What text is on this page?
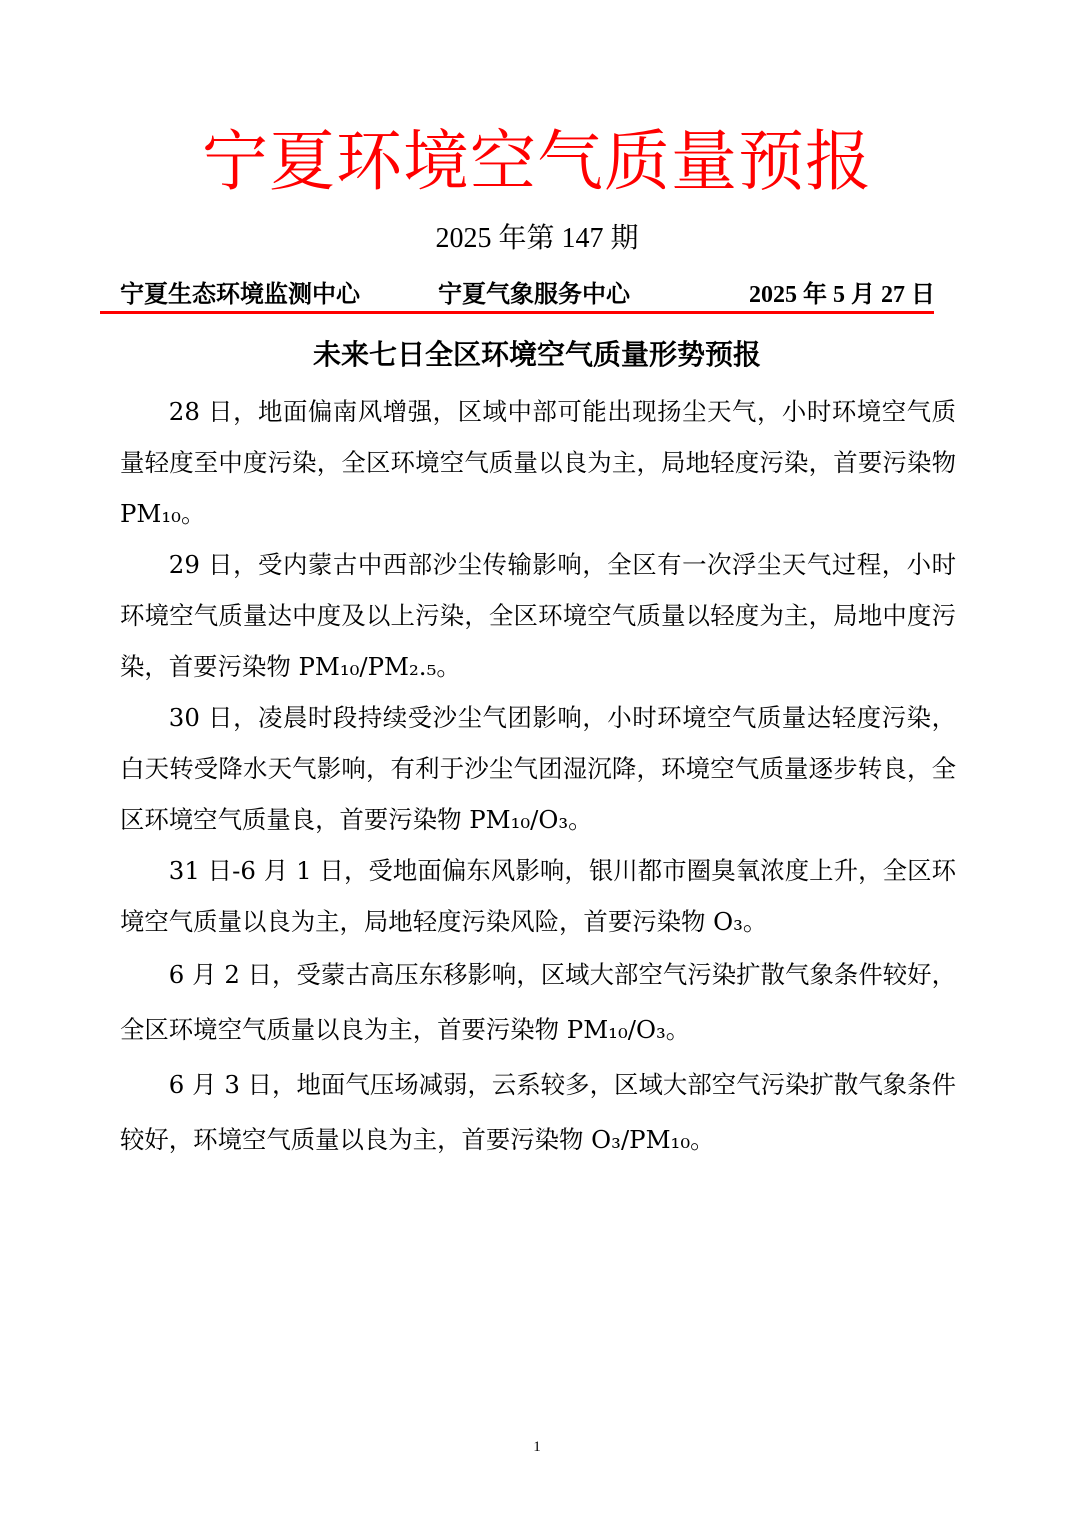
宁夏环境空气质量预报
2025 年第 147 期
宁夏生态环境监测中心	宁夏气象服务中心	2025 年 5 月 27 日
未来七日全区环境空气质量形势预报

28 日，地面偏南风增强，区域中部可能出现扬尘天气，小时环境空气质量轻度至中度污染，全区环境空气质量以良为主，局地轻度污染，首要污染物 PM₁₀。

29 日，受内蒙古中西部沙尘传输影响，全区有一次浮尘天气过程，小时环境空气质量达中度及以上污染，全区环境空气质量以轻度为主，局地中度污染，首要污染物 PM₁₀/PM₂.₅。

30 日，凌晨时段持续受沙尘气团影响，小时环境空气质量达轻度污染，白天转受降水天气影响，有利于沙尘气团湿沉降，环境空气质量逐步转良，全区环境空气质量良，首要污染物 PM₁₀/O₃。

31 日-6 月 1 日，受地面偏东风影响，银川都市圈臭氧浓度上升，全区环境空气质量以良为主，局地轻度污染风险，首要污染物 O₃。

6 月 2 日，受蒙古高压东移影响，区域大部空气污染扩散气象条件较好，全区环境空气质量以良为主，首要污染物 PM₁₀/O₃。

6 月 3 日，地面气压场减弱，云系较多，区域大部空气污染扩散气象条件较好，环境空气质量以良为主，首要污染物 O₃/PM₁₀。

1
